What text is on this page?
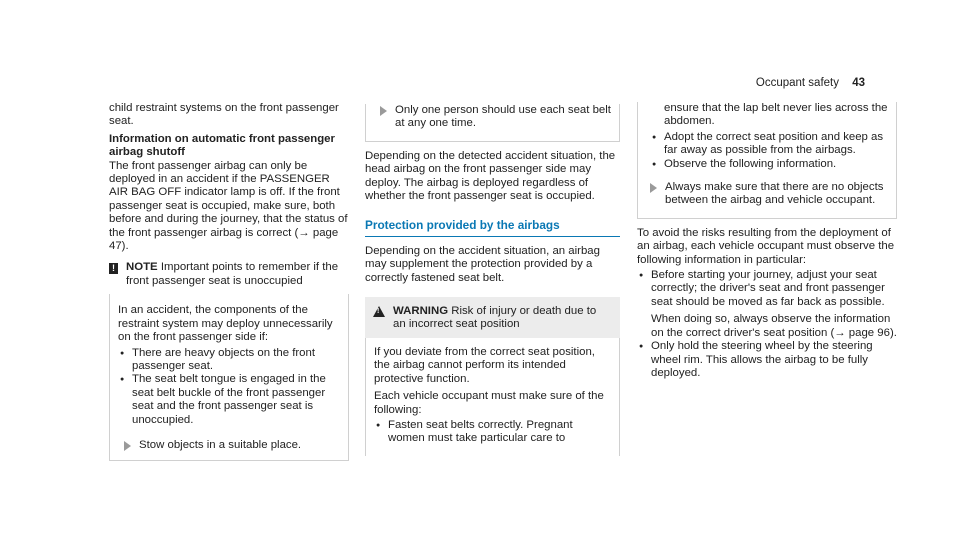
Occupant safety 43

child restraint systems on the front passenger seat.

Information on automatic front passenger airbag shutoff

The front passenger airbag can only be deployed in an accident if the PASSENGER AIR BAG OFF indicator lamp is off. If the front passenger seat is occupied, make sure, both before and during the journey, that the status of the front passenger airbag is correct (→ page 47).

! NOTE Important points to remember if the front passenger seat is unoccupied

In an accident, the components of the restraint system may deploy unnecessarily on the front passenger side if:

● There are heavy objects on the front passenger seat.
● The seat belt tongue is engaged in the seat belt buckle of the front passenger seat and the front passenger seat is unoccupied.
Stow objects in a suitable place.
Only one person should use each seat belt at any one time.

Depending on the detected accident situation, the head airbag on the front passenger side may deploy. The airbag is deployed regardless of whether the front passenger seat is occupied.

Protection provided by the airbags

Depending on the accident situation, an airbag may supplement the protection provided by a correctly fastened seat belt.

!
WARNING Risk of injury or death due to an incorrect seat position

If you deviate from the correct seat position, the airbag cannot perform its intended protective function.

Each vehicle occupant must make sure of the following:

● Fasten seat belts correctly. Pregnant women must take particular care to

ensure that the lap belt never lies across the abdomen.

● Adopt the correct seat position and keep as far away as possible from the airbags.
● Observe the following information.
Always make sure that there are no objects between the airbag and vehicle occupant.

To avoid the risks resulting from the deployment of an airbag, each vehicle occupant must observe the following information in particular:

● Before starting your journey, adjust your seat correctly; the driver's seat and front passenger seat should be moved as far back as possible.

When doing so, always observe the information on the correct driver's seat position (→ page 96).

● Only hold the steering wheel by the steering wheel rim. This allows the airbag to be fully deployed.
